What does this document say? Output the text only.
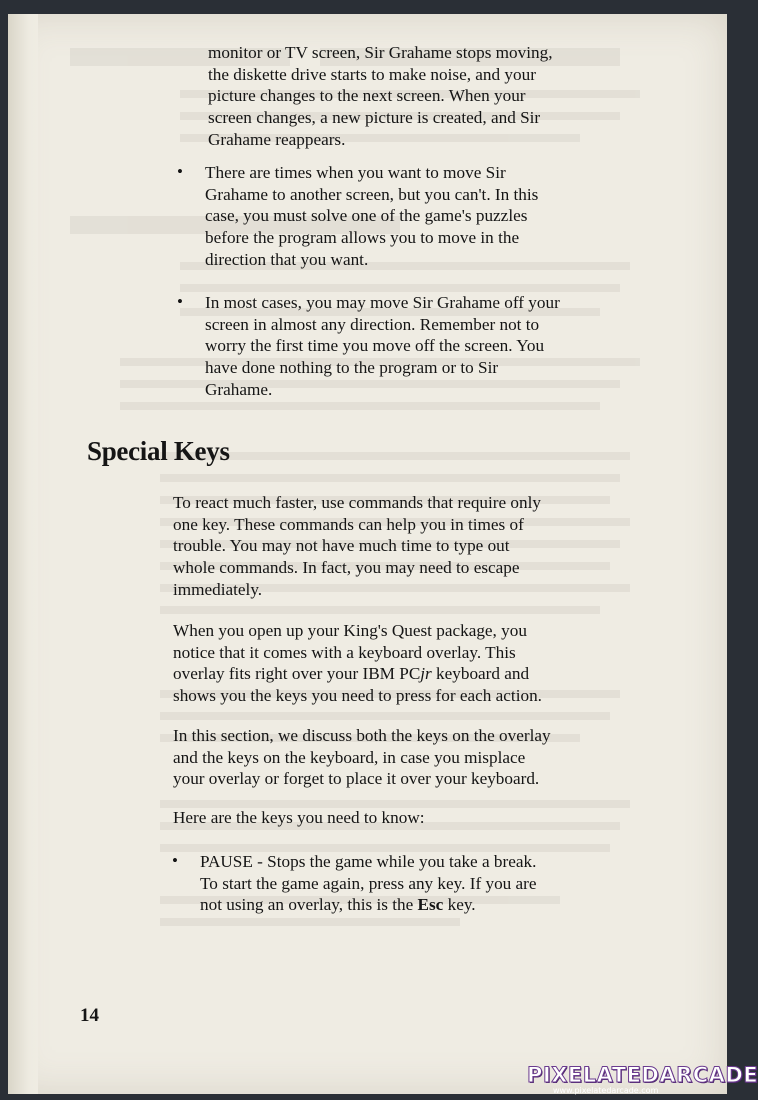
monitor or TV screen, Sir Grahame stops moving,

the diskette drive starts to make noise, and your

picture changes to the next screen. When your

screen changes, a new picture is created, and Sir

Grahame reappears.

• There are times when you want to move Sir

Grahame to another screen, but you can't. In this

case, you must solve one of the game's puzzles

before the program allows you to move in the

direction that you want.

• In most cases, you may move Sir Grahame off your

screen in almost any direction. Remember not to

worry the first time you move off the screen. You

have done nothing to the program or to Sir

Grahame.

Special Keys

To react much faster, use commands that require only

one key. These commands can help you in times of

trouble. You may not have much time to type out

whole commands. In fact, you may need to escape

immediately.

When you open up your King's Quest package, you

notice that it comes with a keyboard overlay. This

overlay fits right over your IBM PCjr keyboard and

shows you the keys you need to press for each action.

In this section, we discuss both the keys on the overlay

and the keys on the keyboard, in case you misplace

your overlay or forget to place it over your keyboard.

Here are the keys you need to know:
• PAUSE - Stops the game while you take a break.

To start the game again, press any key. If you are

not using an overlay, this is the Esc key.

14
PIXELATEDARCADE
www.pixelatedarcade.com
